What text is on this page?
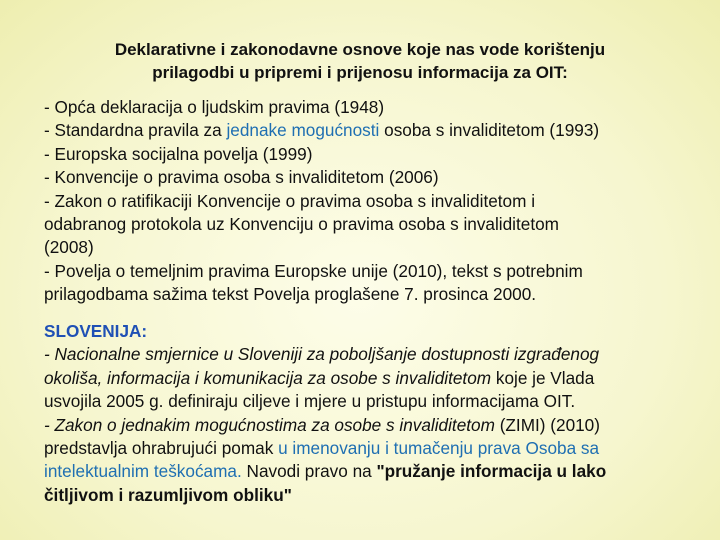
Deklarativne i zakonodavne osnove koje nas vode korištenju
prilagodbi u pripremi i prijenosu informacija za OIT:
- Opća deklaracija o ljudskim pravima (1948)
- Standardna pravila za jednake mogućnosti osoba s invaliditetom (1993)
- Europska socijalna povelja (1999)
- Konvencije o pravima osoba s invaliditetom (2006)
- Zakon o ratifikaciji Konvencije o pravima osoba s invaliditetom i
odabranog protokola uz Konvenciju o pravima osoba s invaliditetom
(2008)
- Povelja o temeljnim pravima Europske unije (2010), tekst s potrebnim
prilagodbama sažima tekst Povelja proglašene 7. prosinca 2000.
SLOVENIJA:
- Nacionalne smjernice u Sloveniji za poboljšanje dostupnosti izgrađenog
okoliša, informacija i komunikacija za osobe s invaliditetom koje je Vlada
usvojila 2005 g. definiraju ciljeve i mjere u pristupu informacijama OIT.
- Zakon o jednakim mogućnostima za osobe s invaliditetom (ZIMI) (2010)
predstavlja ohrabrujući pomak u imenovanju i tumačenju prava Osoba sa
intelektualnim teškoćama. Navodi pravo na "pružanje informacija u lako
čitljivom i razumljivom obliku"
